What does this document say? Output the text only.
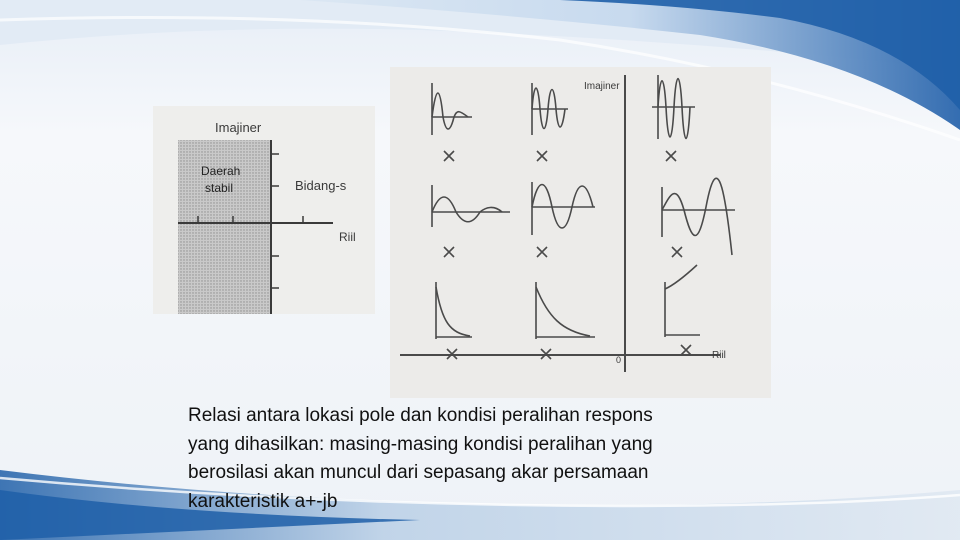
Imajiner
Daerah
stabil	Bidang-s
Riil
Imajiner
Riil
0
Relasi antara lokasi pole dan kondisi peralihan respons
yang dihasilkan: masing-masing kondisi peralihan yang
berosilasi akan muncul dari sepasang akar persamaan
karakteristik a+-jb
